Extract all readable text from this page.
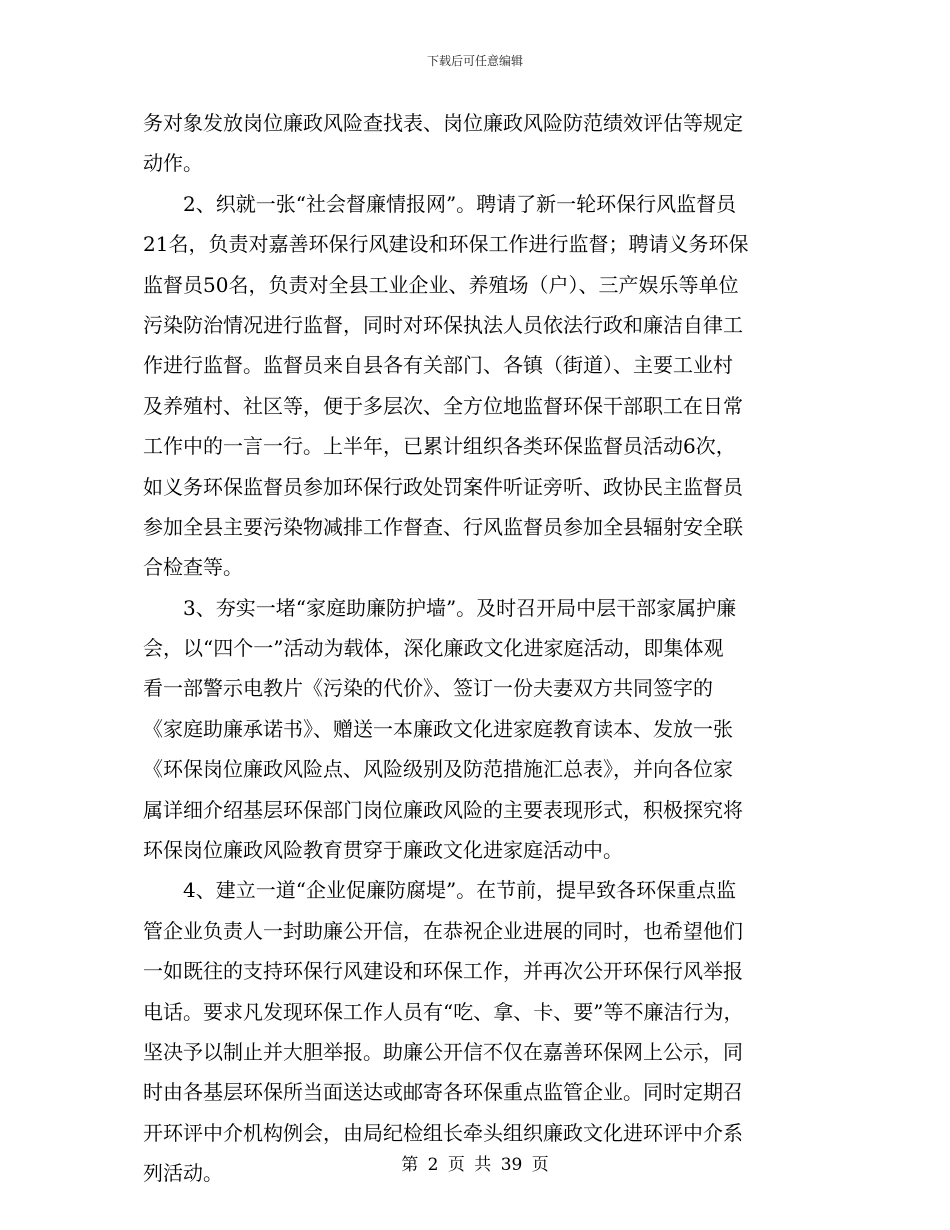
下载后可任意编辑
务对象发放岗位廉政风险查找表、岗位廉政风险防范绩效评估等规定
动作。
2、织就一张“社会督廉情报网”。聘请了新一轮环保行风监督员
21名，负责对嘉善环保行风建设和环保工作进行监督；聘请义务环保
监督员50名，负责对全县工业企业、养殖场（户）、三产娱乐等单位
污染防治情况进行监督，同时对环保执法人员依法行政和廉洁自律工
作进行监督。监督员来自县各有关部门、各镇（街道）、主要工业村
及养殖村、社区等，便于多层次、全方位地监督环保干部职工在日常
工作中的一言一行。上半年，已累计组织各类环保监督员活动6次，
如义务环保监督员参加环保行政处罚案件听证旁听、政协民主监督员
参加全县主要污染物减排工作督查、行风监督员参加全县辐射安全联
合检查等。
3、夯实一堵“家庭助廉防护墙”。及时召开局中层干部家属护廉
会，以“四个一”活动为载体，深化廉政文化进家庭活动，即集体观
看一部警示电教片《污染的代价》、签订一份夫妻双方共同签字的
《家庭助廉承诺书》、赠送一本廉政文化进家庭教育读本、发放一张
《环保岗位廉政风险点、风险级别及防范措施汇总表》，并向各位家
属详细介绍基层环保部门岗位廉政风险的主要表现形式，积极探究将
环保岗位廉政风险教育贯穿于廉政文化进家庭活动中。
4、建立一道“企业促廉防腐堤”。在节前，提早致各环保重点监
管企业负责人一封助廉公开信，在恭祝企业进展的同时，也希望他们
一如既往的支持环保行风建设和环保工作，并再次公开环保行风举报
电话。要求凡发现环保工作人员有“吃、拿、卡、要”等不廉洁行为，
坚决予以制止并大胆举报。助廉公开信不仅在嘉善环保网上公示，同
时由各基层环保所当面送达或邮寄各环保重点监管企业。同时定期召
开环评中介机构例会，由局纪检组长牵头组织廉政文化进环评中介系
列活动。	第 2 页 共 39 页
